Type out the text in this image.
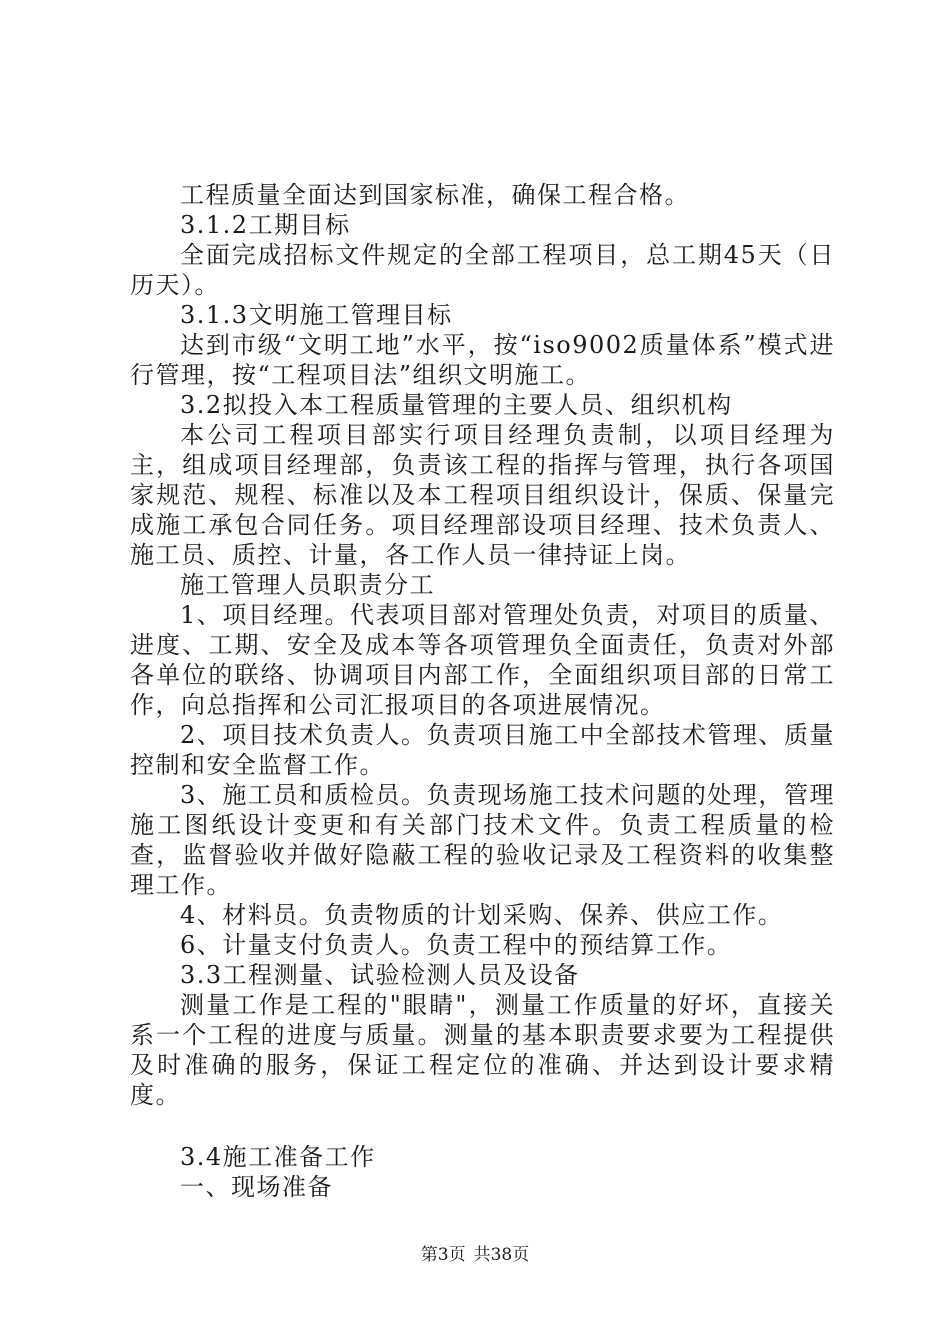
工程质量全面达到国家标准，确保工程合格。

3.1.2工期目标

全面完成招标文件规定的全部工程项目，总工期45天（日历天）。

3.1.3文明施工管理目标

达到市级“文明工地”水平，按“iso9002质量体系”模式进行管理，按“工程项目法”组织文明施工。

3.2拟投入本工程质量管理的主要人员、组织机构

本公司工程项目部实行项目经理负责制，以项目经理为主，组成项目经理部，负责该工程的指挥与管理，执行各项国家规范、规程、标准以及本工程项目组织设计，保质、保量完成施工承包合同任务。项目经理部设项目经理、技术负责人、施工员、质控、计量，各工作人员一律持证上岗。

施工管理人员职责分工

1、项目经理。代表项目部对管理处负责，对项目的质量、进度、工期、安全及成本等各项管理负全面责任，负责对外部各单位的联络、协调项目内部工作，全面组织项目部的日常工作，向总指挥和公司汇报项目的各项进展情况。

2、项目技术负责人。负责项目施工中全部技术管理、质量控制和安全监督工作。

3、施工员和质检员。负责现场施工技术问题的处理，管理施工图纸设计变更和有关部门技术文件。负责工程质量的检查，监督验收并做好隐蔽工程的验收记录及工程资料的收集整理工作。

4、材料员。负责物质的计划采购、保养、供应工作。

6、计量支付负责人。负责工程中的预结算工作。

3.3工程测量、试验检测人员及设备

测量工作是工程的"眼睛"，测量工作质量的好坏，直接关系一个工程的进度与质量。测量的基本职责要求要为工程提供及时准确的服务，保证工程定位的准确、并达到设计要求精度。

3.4施工准备工作

一、现场准备

第3页 共38页
